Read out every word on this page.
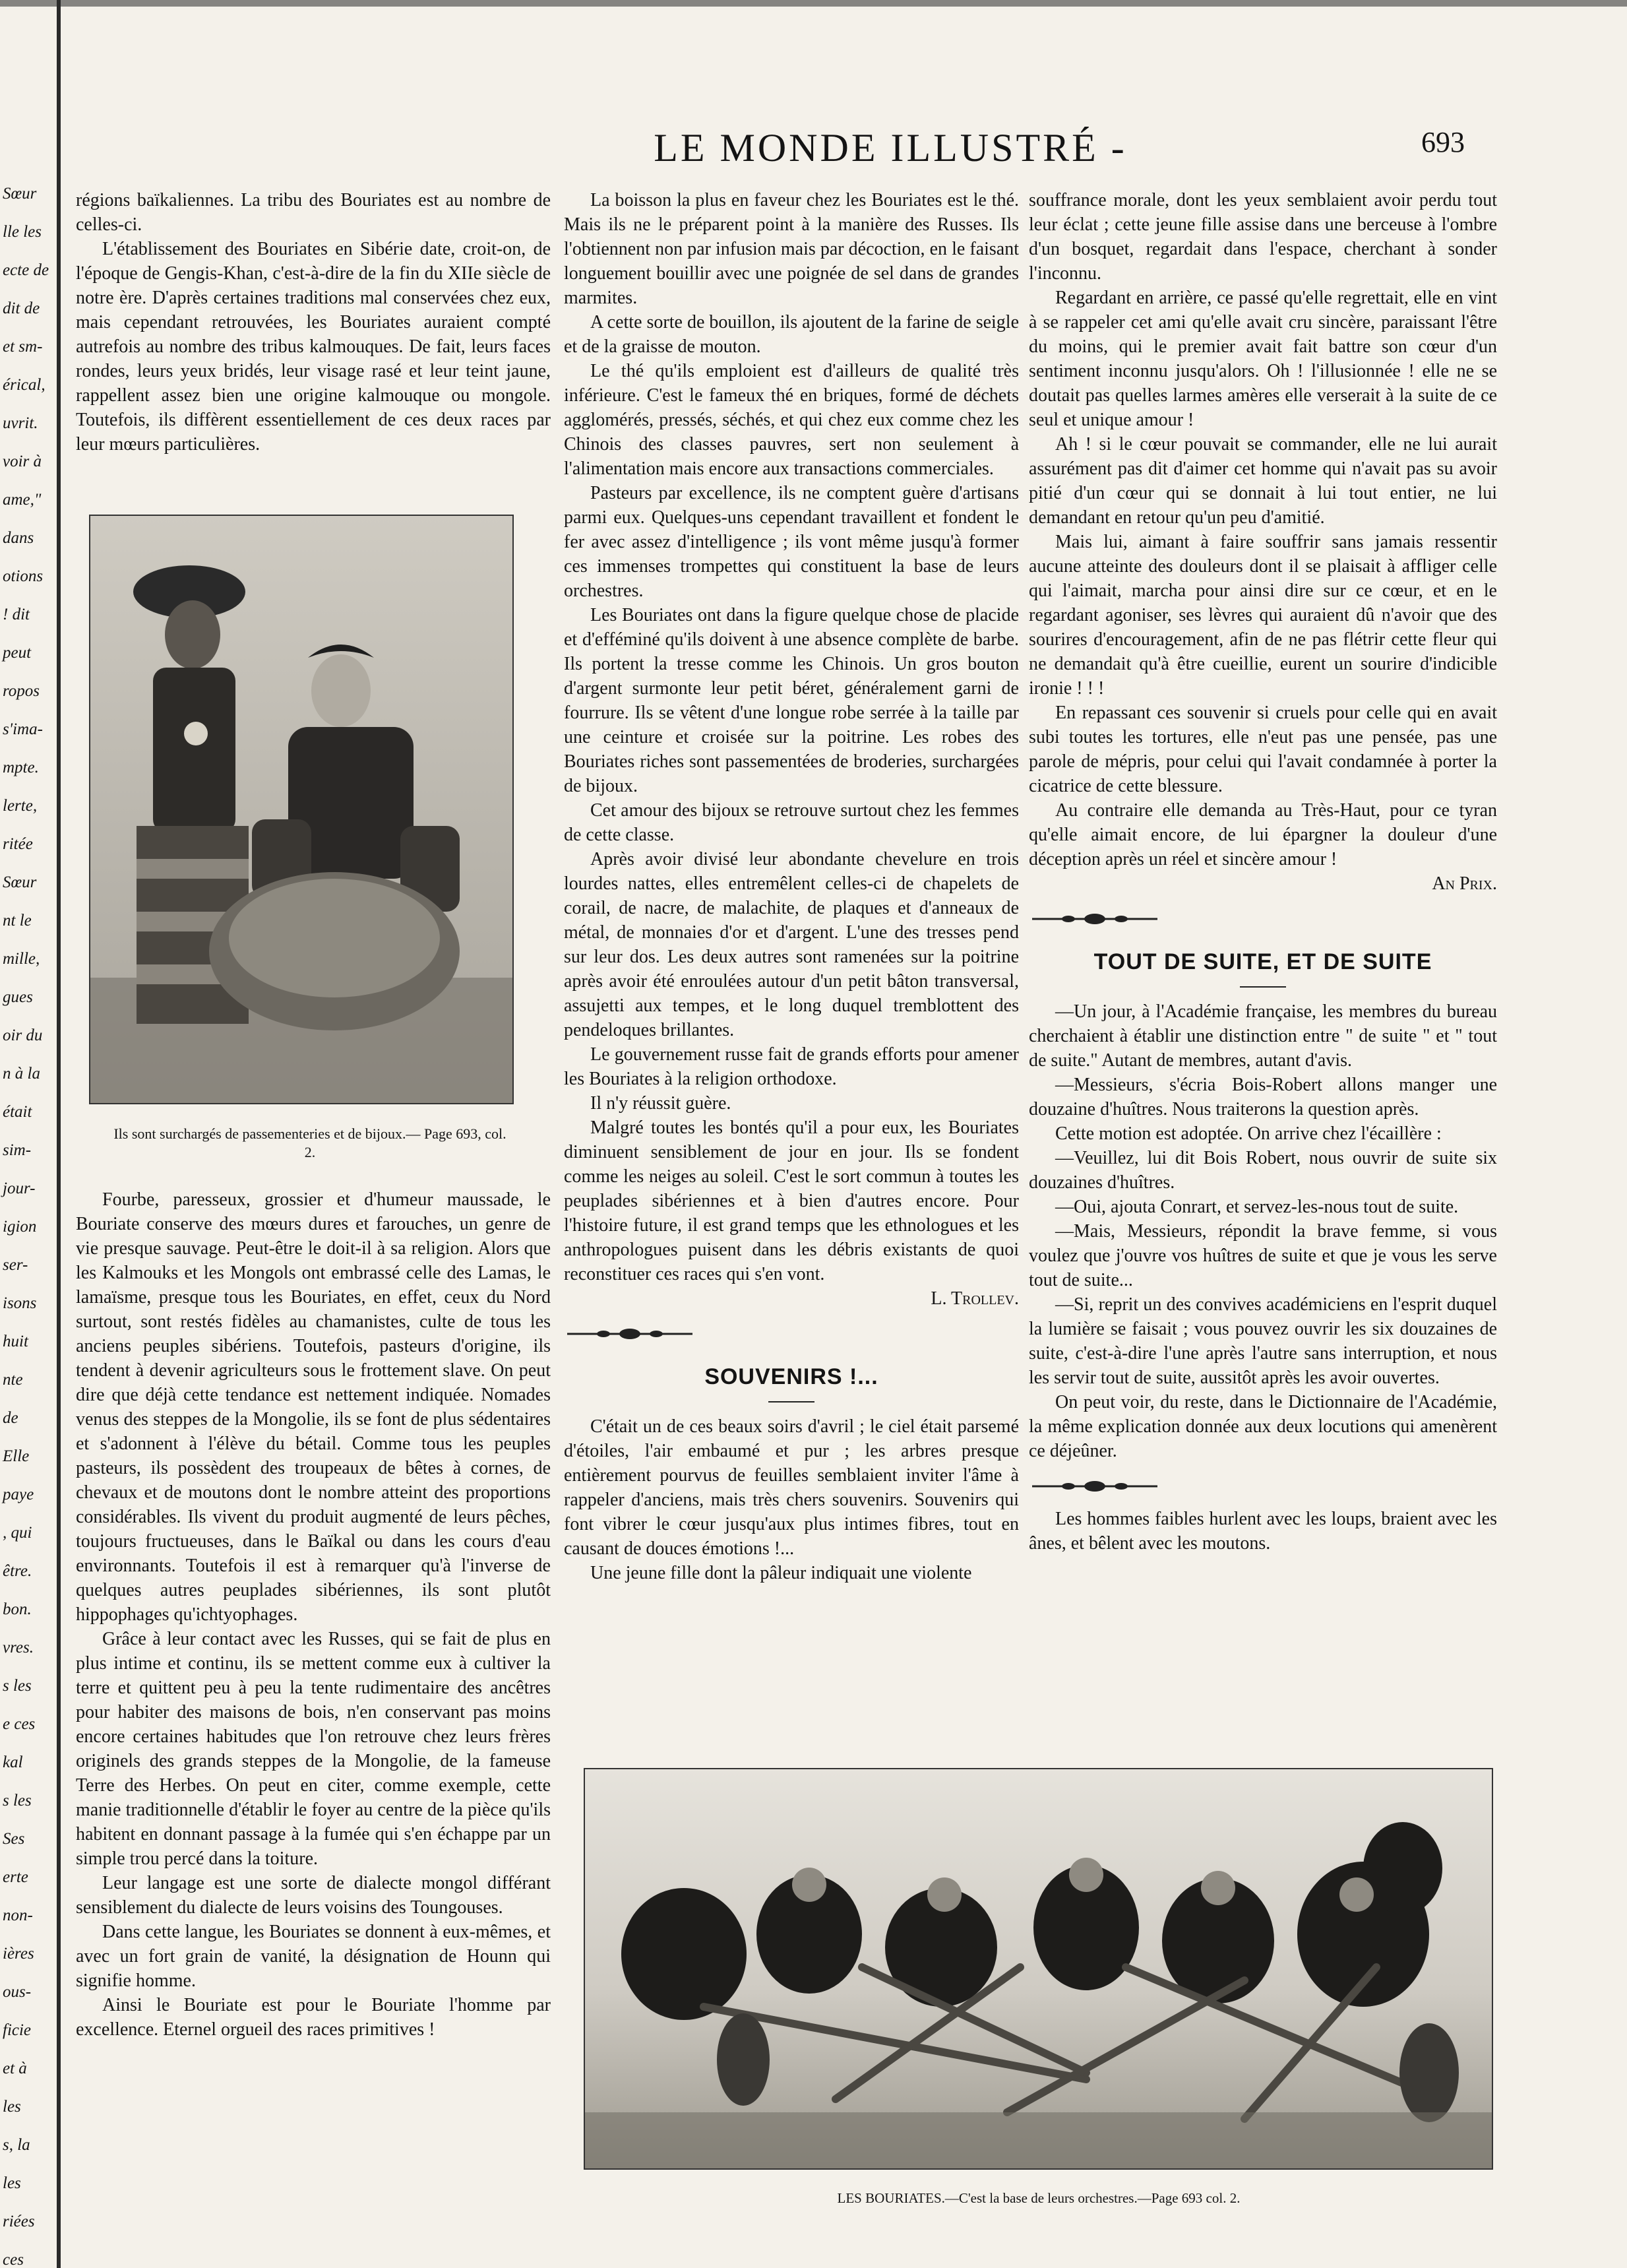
Sœur
lle les
ecte de
dit de
et sm-
érical,
uvrit.
voir à
ame,"
dans
otions
! dit
peut
ropos
s'ima-
mpte.
lerte,
ritée
Sœur
nt le
mille,
gues
oir du
n à la
était
sim-
jour-
igion
ser-
isons
huit
nte
de
Elle
paye
, qui
être.
bon.
vres.
s les
e ces
kal
s les
Ses
erte
non-
ières
ous-
ficie
et à
les
s, la
les
riées
ces
LE MONDE ILLUSTRÉ -	693

régions baïkaliennes. La tribu des Bouriates est au nombre de celles-ci.

L'établissement des Bouriates en Sibérie date, croit-on, de l'époque de Gengis-Khan, c'est-à-dire de la fin du XIIe siècle de notre ère. D'après certaines traditions mal conservées chez eux, mais cependant retrouvées, les Bouriates auraient compté autrefois au nombre des tribus kalmouques. De fait, leurs faces rondes, leurs yeux bridés, leur visage rasé et leur teint jaune, rappellent assez bien une origine kalmouque ou mongole. Toutefois, ils diffèrent essentiellement de ces deux races par leur mœurs particulières.

Ils sont surchargés de passementeries et de bijoux.— Page 693, col. 2.

Fourbe, paresseux, grossier et d'humeur maussade, le Bouriate conserve des mœurs dures et farouches, un genre de vie presque sauvage. Peut-être le doit-il à sa religion. Alors que les Kalmouks et les Mongols ont embrassé celle des Lamas, le lamaïsme, presque tous les Bouriates, en effet, ceux du Nord surtout, sont restés fidèles au chamanistes, culte de tous les anciens peuples sibériens. Toutefois, pasteurs d'origine, ils tendent à devenir agriculteurs sous le frottement slave. On peut dire que déjà cette tendance est nettement indiquée. Nomades venus des steppes de la Mongolie, ils se font de plus sédentaires et s'adonnent à l'élève du bétail. Comme tous les peuples pasteurs, ils possèdent des troupeaux de bêtes à cornes, de chevaux et de moutons dont le nombre atteint des proportions considérables. Ils vivent du produit augmenté de leurs pêches, toujours fructueuses, dans le Baïkal ou dans les cours d'eau environnants. Toutefois il est à remarquer qu'à l'inverse de quelques autres peuplades sibériennes, ils sont plutôt hippophages qu'ichtyophages.

Grâce à leur contact avec les Russes, qui se fait de plus en plus intime et continu, ils se mettent comme eux à cultiver la terre et quittent peu à peu la tente rudimentaire des ancêtres pour habiter des maisons de bois, n'en conservant pas moins encore certaines habitudes que l'on retrouve chez leurs frères originels des grands steppes de la Mongolie, de la fameuse Terre des Herbes. On peut en citer, comme exemple, cette manie traditionnelle d'établir le foyer au centre de la pièce qu'ils habitent en donnant passage à la fumée qui s'en échappe par un simple trou percé dans la toiture.

Leur langage est une sorte de dialecte mongol différant sensiblement du dialecte de leurs voisins des Toungouses.

Dans cette langue, les Bouriates se donnent à eux-mêmes, et avec un fort grain de vanité, la désignation de Hounn qui signifie homme.

Ainsi le Bouriate est pour le Bouriate l'homme par excellence. Eternel orgueil des races primitives !

La boisson la plus en faveur chez les Bouriates est le thé. Mais ils ne le préparent point à la manière des Russes. Ils l'obtiennent non par infusion mais par décoction, en le faisant longuement bouillir avec une poignée de sel dans de grandes marmites.

A cette sorte de bouillon, ils ajoutent de la farine de seigle et de la graisse de mouton.

Le thé qu'ils emploient est d'ailleurs de qualité très inférieure. C'est le fameux thé en briques, formé de déchets agglomérés, pressés, séchés, et qui chez eux comme chez les Chinois des classes pauvres, sert non seulement à l'alimentation mais encore aux transactions commerciales.

Pasteurs par excellence, ils ne comptent guère d'artisans parmi eux. Quelques-uns cependant travaillent et fondent le fer avec assez d'intelligence ; ils vont même jusqu'à former ces immenses trompettes qui constituent la base de leurs orchestres.

Les Bouriates ont dans la figure quelque chose de placide et d'efféminé qu'ils doivent à une absence complète de barbe. Ils portent la tresse comme les Chinois. Un gros bouton d'argent surmonte leur petit béret, généralement garni de fourrure. Ils se vêtent d'une longue robe serrée à la taille par une ceinture et croisée sur la poitrine. Les robes des Bouriates riches sont passementées de broderies, surchargées de bijoux.

Cet amour des bijoux se retrouve surtout chez les femmes de cette classe.

Après avoir divisé leur abondante chevelure en trois lourdes nattes, elles entremêlent celles-ci de chapelets de corail, de nacre, de malachite, de plaques et d'anneaux de métal, de monnaies d'or et d'argent. L'une des tresses pend sur leur dos. Les deux autres sont ramenées sur la poitrine après avoir été enroulées autour d'un petit bâton transversal, assujetti aux tempes, et le long duquel tremblottent des pendeloques brillantes.

Le gouvernement russe fait de grands efforts pour amener les Bouriates à la religion orthodoxe.

Il n'y réussit guère.

Malgré toutes les bontés qu'il a pour eux, les Bouriates diminuent sensiblement de jour en jour. Ils se fondent comme les neiges au soleil. C'est le sort commun à toutes les peuplades sibériennes et à bien d'autres encore. Pour l'histoire future, il est grand temps que les ethnologues et les anthropologues puisent dans les débris existants de quoi reconstituer ces races qui s'en vont.

L. Trollev.

SOUVENIRS !...

C'était un de ces beaux soirs d'avril ; le ciel était parsemé d'étoiles, l'air embaumé et pur ; les arbres presque entièrement pourvus de feuilles semblaient inviter l'âme à rappeler d'anciens, mais très chers souvenirs. Souvenirs qui font vibrer le cœur jusqu'aux plus intimes fibres, tout en causant de douces émotions !...

Une jeune fille dont la pâleur indiquait une violente

souffrance morale, dont les yeux semblaient avoir perdu tout leur éclat ; cette jeune fille assise dans une berceuse à l'ombre d'un bosquet, regardait dans l'espace, cherchant à sonder l'inconnu.

Regardant en arrière, ce passé qu'elle regrettait, elle en vint à se rappeler cet ami qu'elle avait cru sincère, paraissant l'être du moins, qui le premier avait fait battre son cœur d'un sentiment inconnu jusqu'alors. Oh ! l'illusionnée ! elle ne se doutait pas quelles larmes amères elle verserait à la suite de ce seul et unique amour !

Ah ! si le cœur pouvait se commander, elle ne lui aurait assurément pas dit d'aimer cet homme qui n'avait pas su avoir pitié d'un cœur qui se donnait à lui tout entier, ne lui demandant en retour qu'un peu d'amitié.

Mais lui, aimant à faire souffrir sans jamais ressentir aucune atteinte des douleurs dont il se plaisait à affliger celle qui l'aimait, marcha pour ainsi dire sur ce cœur, et en le regardant agoniser, ses lèvres qui auraient dû n'avoir que des sourires d'encouragement, afin de ne pas flétrir cette fleur qui ne demandait qu'à être cueillie, eurent un sourire d'indicible ironie ! ! !

En repassant ces souvenir si cruels pour celle qui en avait subi toutes les tortures, elle n'eut pas une pensée, pas une parole de mépris, pour celui qui l'avait condamnée à porter la cicatrice de cette blessure.

Au contraire elle demanda au Très-Haut, pour ce tyran qu'elle aimait encore, de lui épargner la douleur d'une déception après un réel et sincère amour !

An Prix.

TOUT DE SUITE, ET DE SUITE

—Un jour, à l'Académie française, les membres du bureau cherchaient à établir une distinction entre " de suite " et " tout de suite." Autant de membres, autant d'avis.

—Messieurs, s'écria Bois-Robert allons manger une douzaine d'huîtres. Nous traiterons la question après.

Cette motion est adoptée. On arrive chez l'écaillère :

—Veuillez, lui dit Bois Robert, nous ouvrir de suite six douzaines d'huîtres.

—Oui, ajouta Conrart, et servez-les-nous tout de suite.

—Mais, Messieurs, répondit la brave femme, si vous voulez que j'ouvre vos huîtres de suite et que je vous les serve tout de suite...

—Si, reprit un des convives académiciens en l'esprit duquel la lumière se faisait ; vous pouvez ouvrir les six douzaines de suite, c'est-à-dire l'une après l'autre sans interruption, et nous les servir tout de suite, aussitôt après les avoir ouvertes.

On peut voir, du reste, dans le Dictionnaire de l'Académie, la même explication donnée aux deux locutions qui amenèrent ce déjeûner.

Les hommes faibles hurlent avec les loups, braient avec les ânes, et bêlent avec les moutons.

LES BOURIATES.—C'est la base de leurs orchestres.—Page 693 col. 2.
